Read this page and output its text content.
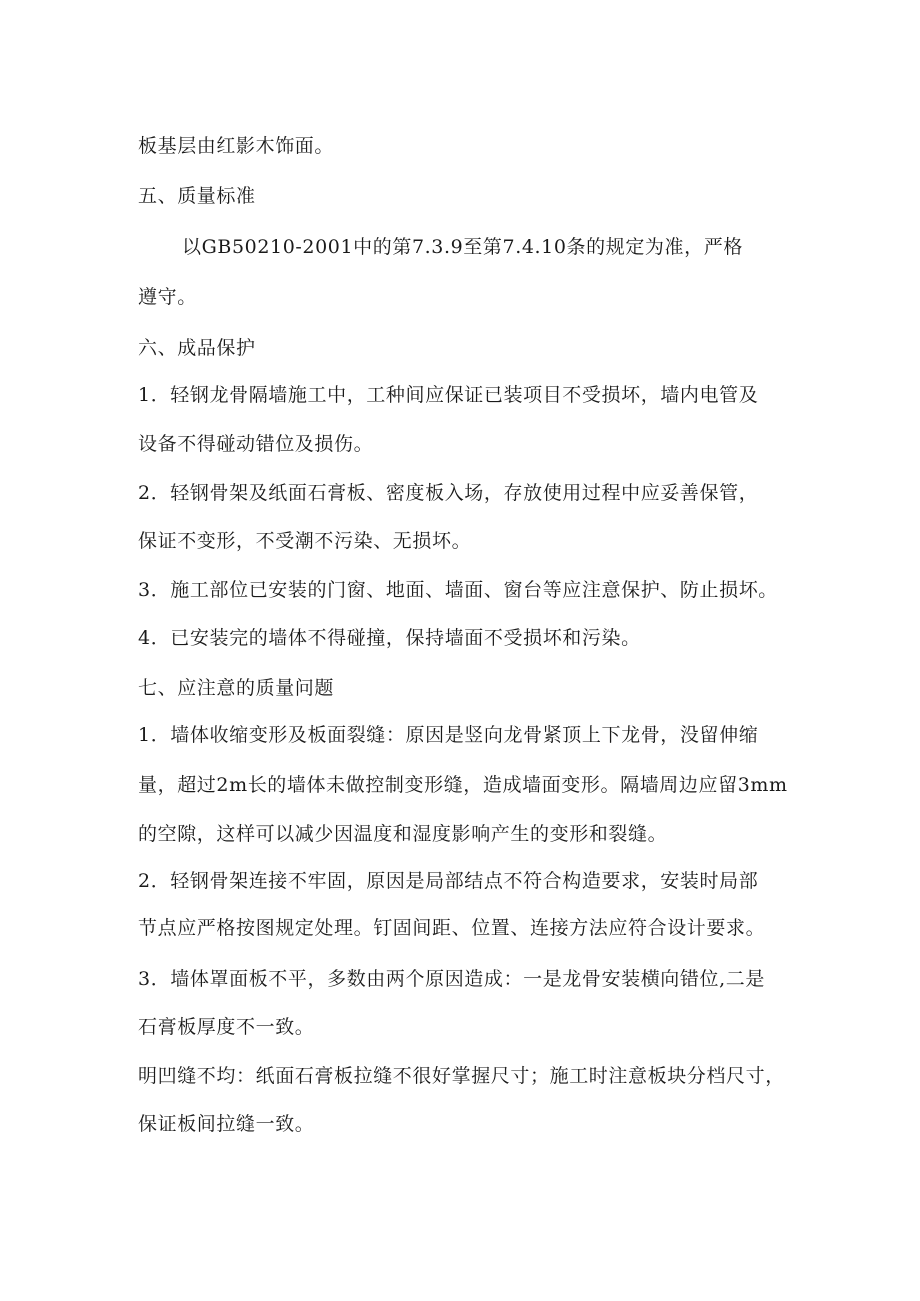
板基层由红影木饰面。
五、质量标准
以GB50210-2001中的第7.3.9至第7.4.10条的规定为准，严格
遵守。
六、成品保护
1．轻钢龙骨隔墙施工中，工种间应保证已装项目不受损坏，墙内电管及
设备不得碰动错位及损伤。
2．轻钢骨架及纸面石膏板、密度板入场，存放使用过程中应妥善保管，
保证不变形，不受潮不污染、无损坏。
3．施工部位已安装的门窗、地面、墙面、窗台等应注意保护、防止损坏。
4．已安装完的墙体不得碰撞，保持墙面不受损坏和污染。
七、应注意的质量问题
1．墙体收缩变形及板面裂缝：原因是竖向龙骨紧顶上下龙骨，没留伸缩
量，超过2m长的墙体未做控制变形缝，造成墙面变形。隔墙周边应留3mm
的空隙，这样可以减少因温度和湿度影响产生的变形和裂缝。
2．轻钢骨架连接不牢固，原因是局部结点不符合构造要求，安装时局部
节点应严格按图规定处理。钉固间距、位置、连接方法应符合设计要求。
3．墙体罩面板不平，多数由两个原因造成：一是龙骨安装横向错位,二是
石膏板厚度不一致。
明凹缝不均：纸面石膏板拉缝不很好掌握尺寸；施工时注意板块分档尺寸，
保证板间拉缝一致。
